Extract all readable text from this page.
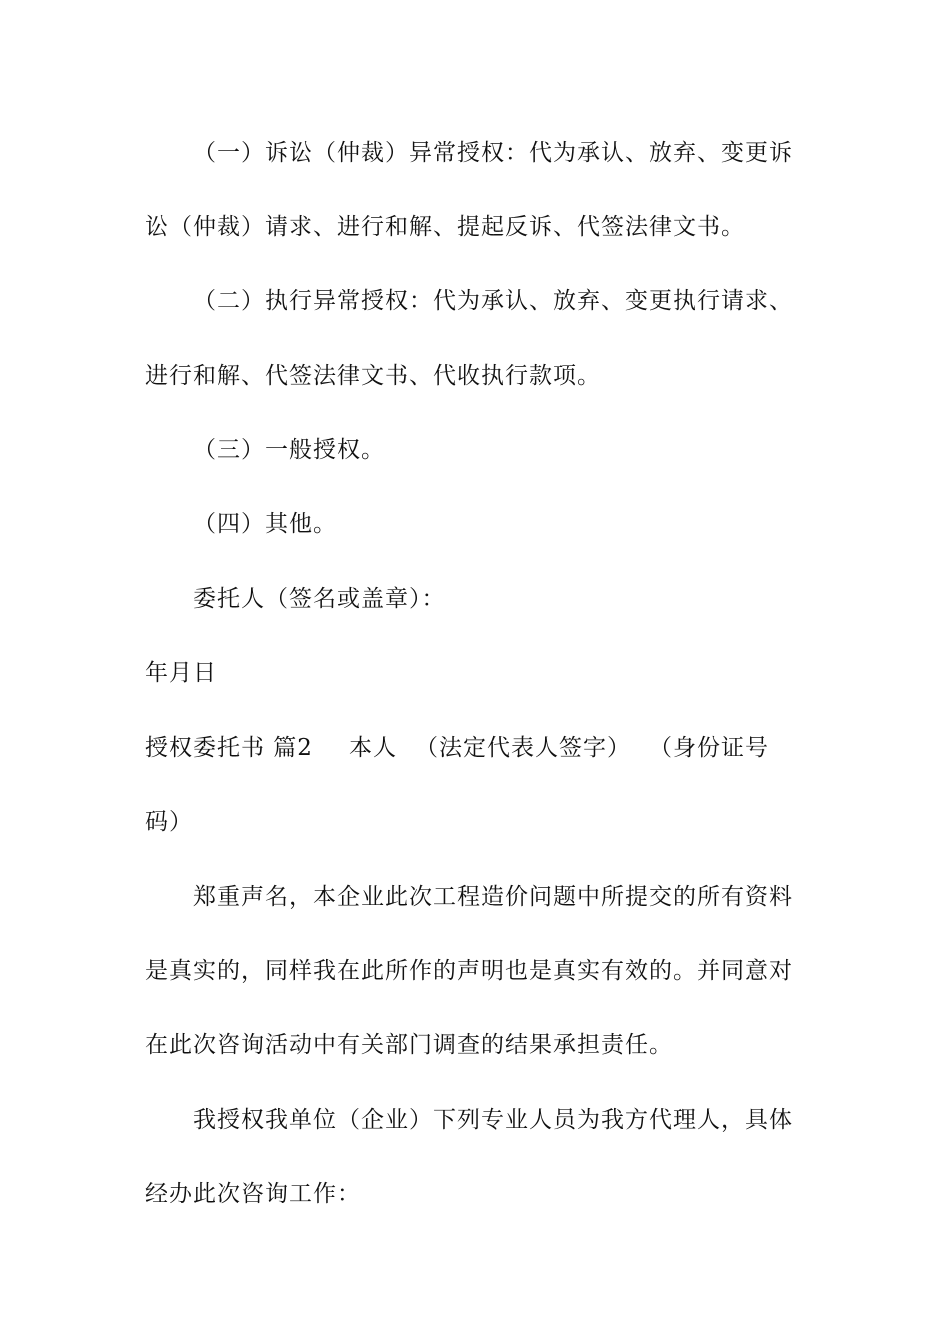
（一）诉讼（仲裁）异常授权：代为承认、放弃、变更诉
讼（仲裁）请求、进行和解、提起反诉、代签法律文书。
（二）执行异常授权：代为承认、放弃、变更执行请求、
进行和解、代签法律文书、代收执行款项。
（三）一般授权。
（四）其他。
委托人（签名或盖章）：
年月日
授权委托书 篇2 本人 （法定代表人签字） （身份证号
码）
郑重声名，本企业此次工程造价问题中所提交的所有资料
是真实的，同样我在此所作的声明也是真实有效的。并同意对
在此次咨询活动中有关部门调查的结果承担责任。
我授权我单位（企业）下列专业人员为我方代理人，具体
经办此次咨询工作：
